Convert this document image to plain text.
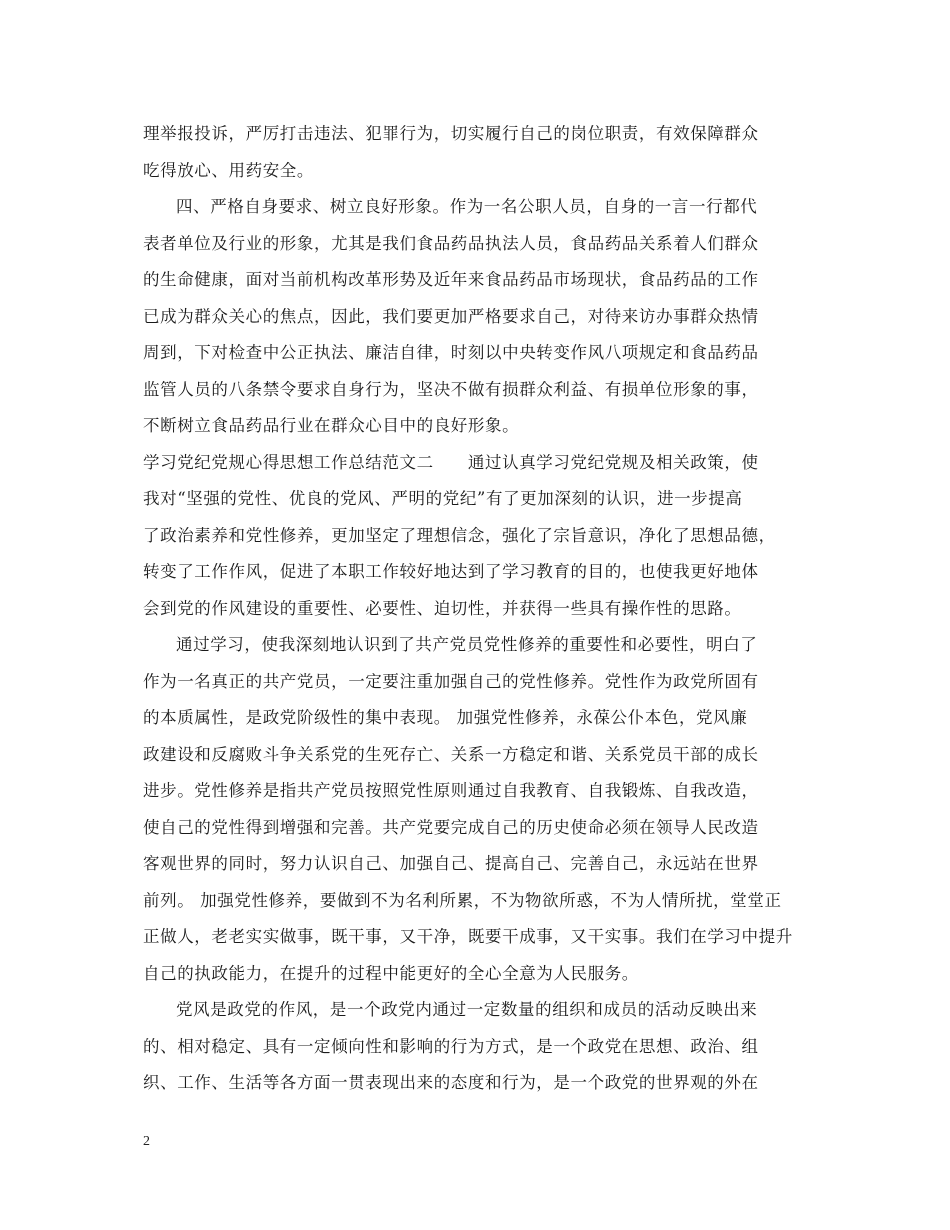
理举报投诉，严厉打击违法、犯罪行为，切实履行自己的岗位职责，有效保障群众
吃得放心、用药安全。
四、严格自身要求、树立良好形象。作为一名公职人员，自身的一言一行都代
表者单位及行业的形象，尤其是我们食品药品执法人员，食品药品关系着人们群众
的生命健康，面对当前机构改革形势及近年来食品药品市场现状，食品药品的工作
已成为群众关心的焦点，因此，我们要更加严格要求自己，对待来访办事群众热情
周到，下对检查中公正执法、廉洁自律，时刻以中央转变作风八项规定和食品药品
监管人员的八条禁令要求自身行为，坚决不做有损群众利益、有损单位形象的事，
不断树立食品药品行业在群众心目中的良好形象。
学习党纪党规心得思想工作总结范文二　　通过认真学习党纪党规及相关政策，使
我对“坚强的党性、优良的党风、严明的党纪”有了更加深刻的认识，进一步提高
了政治素养和党性修养，更加坚定了理想信念，强化了宗旨意识，净化了思想品德，
转变了工作作风，促进了本职工作较好地达到了学习教育的目的，也使我更好地体
会到党的作风建设的重要性、必要性、迫切性，并获得一些具有操作性的思路。
通过学习，使我深刻地认识到了共产党员党性修养的重要性和必要性，明白了
作为一名真正的共产党员，一定要注重加强自己的党性修养。党性作为政党所固有
的本质属性，是政党阶级性的集中表现。 加强党性修养，永葆公仆本色，党风廉
政建设和反腐败斗争关系党的生死存亡、关系一方稳定和谐、关系党员干部的成长
进步。党性修养是指共产党员按照党性原则通过自我教育、自我锻炼、自我改造，
使自己的党性得到增强和完善。共产党要完成自己的历史使命必须在领导人民改造
客观世界的同时，努力认识自己、加强自己、提高自己、完善自己，永远站在世界
前列。 加强党性修养，要做到不为名利所累，不为物欲所惑，不为人情所扰，堂堂正
正做人，老老实实做事，既干事，又干净，既要干成事，又干实事。我们在学习中提升
自己的执政能力，在提升的过程中能更好的全心全意为人民服务。
党风是政党的作风，是一个政党内通过一定数量的组织和成员的活动反映出来
的、相对稳定、具有一定倾向性和影响的行为方式，是一个政党在思想、政治、组
织、工作、生活等各方面一贯表现出来的态度和行为，是一个政党的世界观的外在
2
